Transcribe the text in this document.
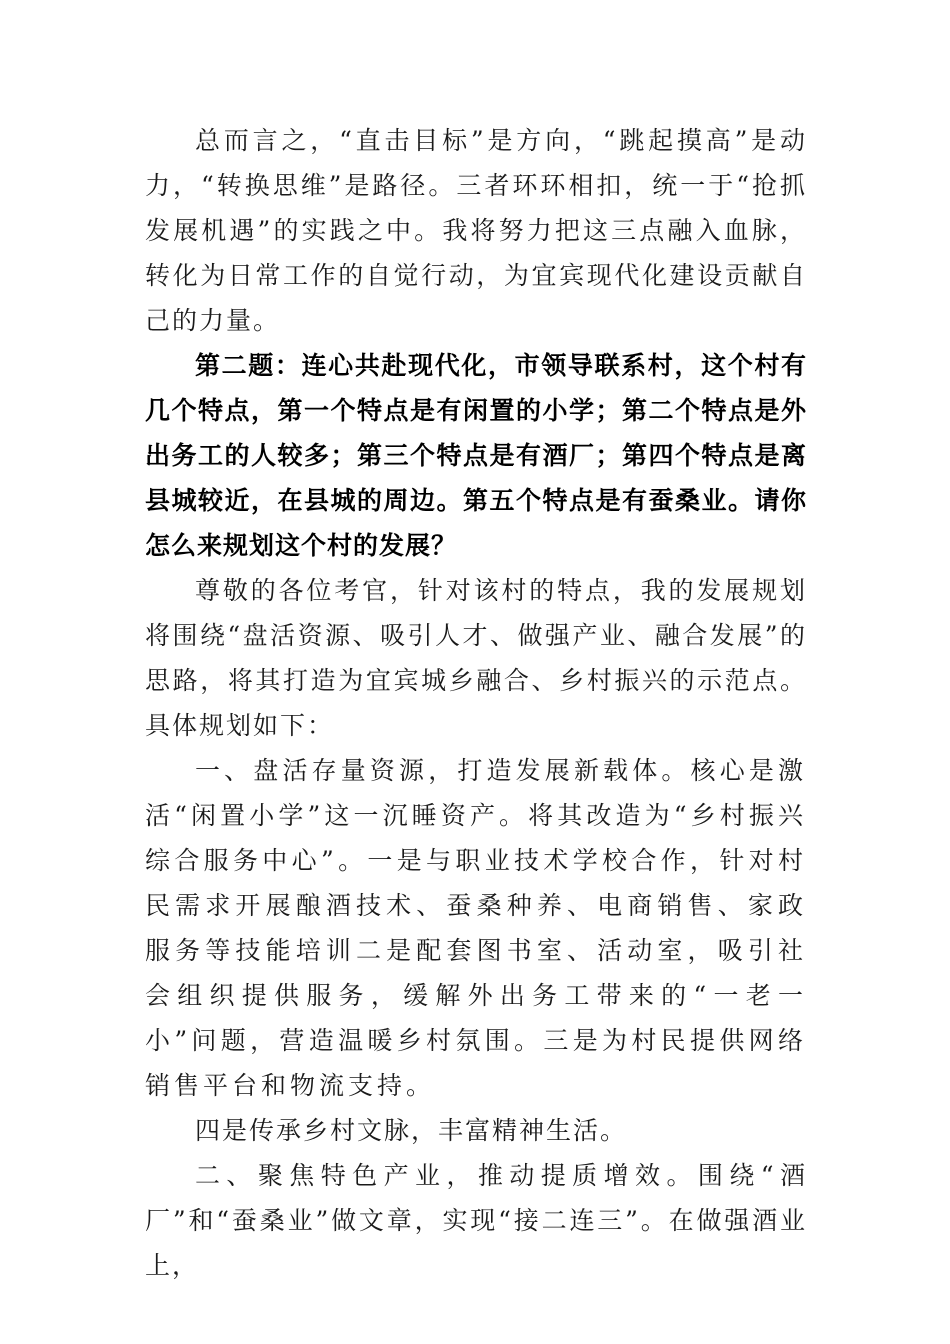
总而言之，“直击目标”是方向，“跳起摸高”是动力，“转换思维”是路径。三者环环相扣，统一于“抢抓发展机遇”的实践之中。我将努力把这三点融入血脉，转化为日常工作的自觉行动，为宜宾现代化建设贡献自己的力量。

第二题：连心共赴现代化，市领导联系村，这个村有几个特点，第一个特点是有闲置的小学；第二个特点是外出务工的人较多；第三个特点是有酒厂；第四个特点是离县城较近，在县城的周边。第五个特点是有蚕桑业。请你怎么来规划这个村的发展？

尊敬的各位考官，针对该村的特点，我的发展规划将围绕“盘活资源、吸引人才、做强产业、融合发展”的思路，将其打造为宜宾城乡融合、乡村振兴的示范点。具体规划如下：

一、盘活存量资源，打造发展新载体。核心是激活“闲置小学”这一沉睡资产。将其改造为“乡村振兴综合服务中心”。一是与职业技术学校合作，针对村民需求开展酿酒技术、蚕桑种养、电商销售、家政服务等技能培训二是配套图书室、活动室，吸引社会组织提供服务，缓解外出务工带来的“一老一小”问题，营造温暖乡村氛围。三是为村民提供网络销售平台和物流支持。

四是传承乡村文脉，丰富精神生活。

二、聚焦特色产业，推动提质增效。围绕“酒厂”和“蚕桑业”做文章，实现“接二连三”。在做强酒业上，
